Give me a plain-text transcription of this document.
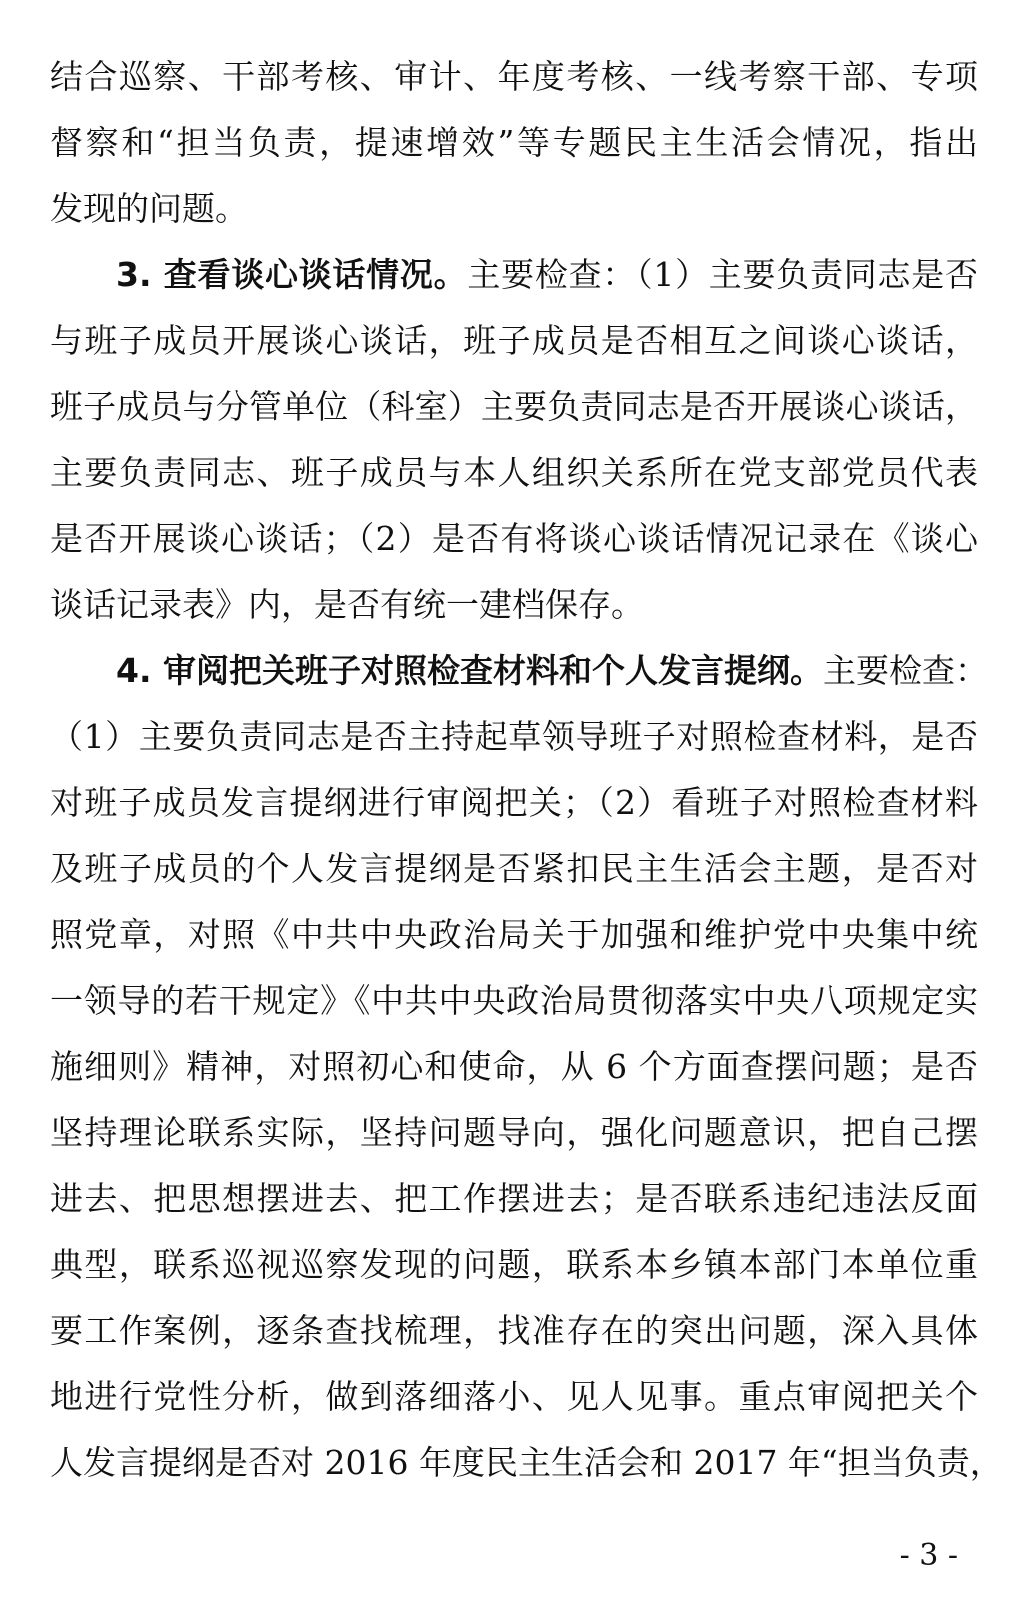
结合巡察、干部考核、审计、年度考核、一线考察干部、专项
督察和“担当负责，提速增效”等专题民主生活会情况，指出
发现的问题。
3. 查看谈心谈话情况。主要检查：（1）主要负责同志是否
与班子成员开展谈心谈话，班子成员是否相互之间谈心谈话，
班子成员与分管单位（科室）主要负责同志是否开展谈心谈话，
主要负责同志、班子成员与本人组织关系所在党支部党员代表
是否开展谈心谈话；（2）是否有将谈心谈话情况记录在《谈心
谈话记录表》内，是否有统一建档保存。
4. 审阅把关班子对照检查材料和个人发言提纲。主要检查：
（1）主要负责同志是否主持起草领导班子对照检查材料，是否
对班子成员发言提纲进行审阅把关；（2）看班子对照检查材料
及班子成员的个人发言提纲是否紧扣民主生活会主题，是否对
照党章，对照《中共中央政治局关于加强和维护党中央集中统
一领导的若干规定》《中共中央政治局贯彻落实中央八项规定实
施细则》精神，对照初心和使命，从 6 个方面查摆问题；是否
坚持理论联系实际，坚持问题导向，强化问题意识，把自己摆
进去、把思想摆进去、把工作摆进去；是否联系违纪违法反面
典型，联系巡视巡察发现的问题，联系本乡镇本部门本单位重
要工作案例，逐条查找梳理，找准存在的突出问题，深入具体
地进行党性分析，做到落细落小、见人见事。重点审阅把关个
人发言提纲是否对 2016 年度民主生活会和 2017 年“担当负责，
- 3 -
